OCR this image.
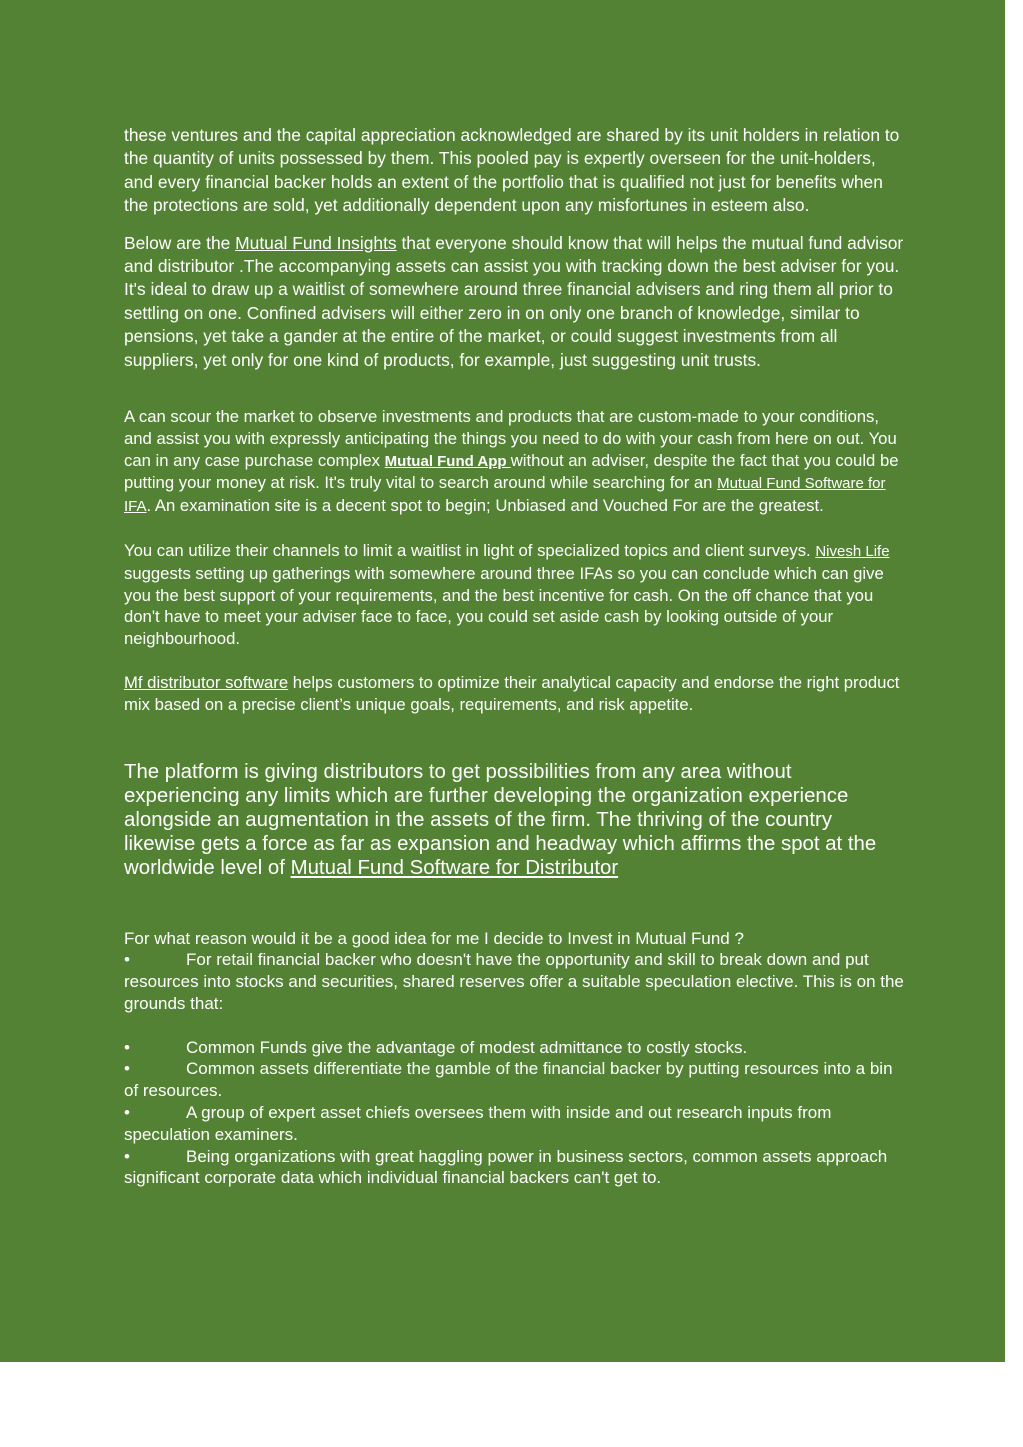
these ventures and the capital appreciation acknowledged are shared by its unit holders in relation to the quantity of units possessed by them. This pooled pay is expertly overseen for the unit-holders, and every financial backer holds an extent of the portfolio that is qualified not just for benefits when the protections are sold, yet additionally dependent upon any misfortunes in esteem also.

Below are the Mutual Fund Insights that everyone should know that will helps the mutual fund advisor and distributor .The accompanying assets can assist you with tracking down the best adviser for you. It's ideal to draw up a waitlist of somewhere around three financial advisers and ring them all prior to settling on one. Confined advisers will either zero in on only one branch of knowledge, similar to pensions, yet take a gander at the entire of the market, or could suggest investments from all suppliers, yet only for one kind of products, for example, just suggesting unit trusts.

A can scour the market to observe investments and products that are custom-made to your conditions, and assist you with expressly anticipating the things you need to do with your cash from here on out. You can in any case purchase complex Mutual Fund App without an adviser, despite the fact that you could be putting your money at risk. It's truly vital to search around while searching for an Mutual Fund Software for IFA. An examination site is a decent spot to begin; Unbiased and Vouched For are the greatest.

You can utilize their channels to limit a waitlist in light of specialized topics and client surveys. Nivesh Life suggests setting up gatherings with somewhere around three IFAs so you can conclude which can give you the best support of your requirements, and the best incentive for cash. On the off chance that you don't have to meet your adviser face to face, you could set aside cash by looking outside of your neighbourhood.

Mf distributor software helps customers to optimize their analytical capacity and endorse the right product mix based on a precise client’s unique goals, requirements, and risk appetite.

The platform is giving distributors to get possibilities from any area without experiencing any limits which are further developing the organization experience alongside an augmentation in the assets of the firm. The thriving of the country likewise gets a force as far as expansion and headway which affirms the spot at the worldwide level of Mutual Fund Software for Distributor

For what reason would it be a good idea for me I decide to Invest in Mutual Fund ?
•	For retail financial backer who doesn't have the opportunity and skill to break down and put resources into stocks and securities, shared reserves offer a suitable speculation elective. This is on the grounds that:
•	Common Funds give the advantage of modest admittance to costly stocks.
•	Common assets differentiate the gamble of the financial backer by putting resources into a bin of resources.
•	A group of expert asset chiefs oversees them with inside and out research inputs from speculation examiners.
•	Being organizations with great haggling power in business sectors, common assets approach significant corporate data which individual financial backers can't get to.
